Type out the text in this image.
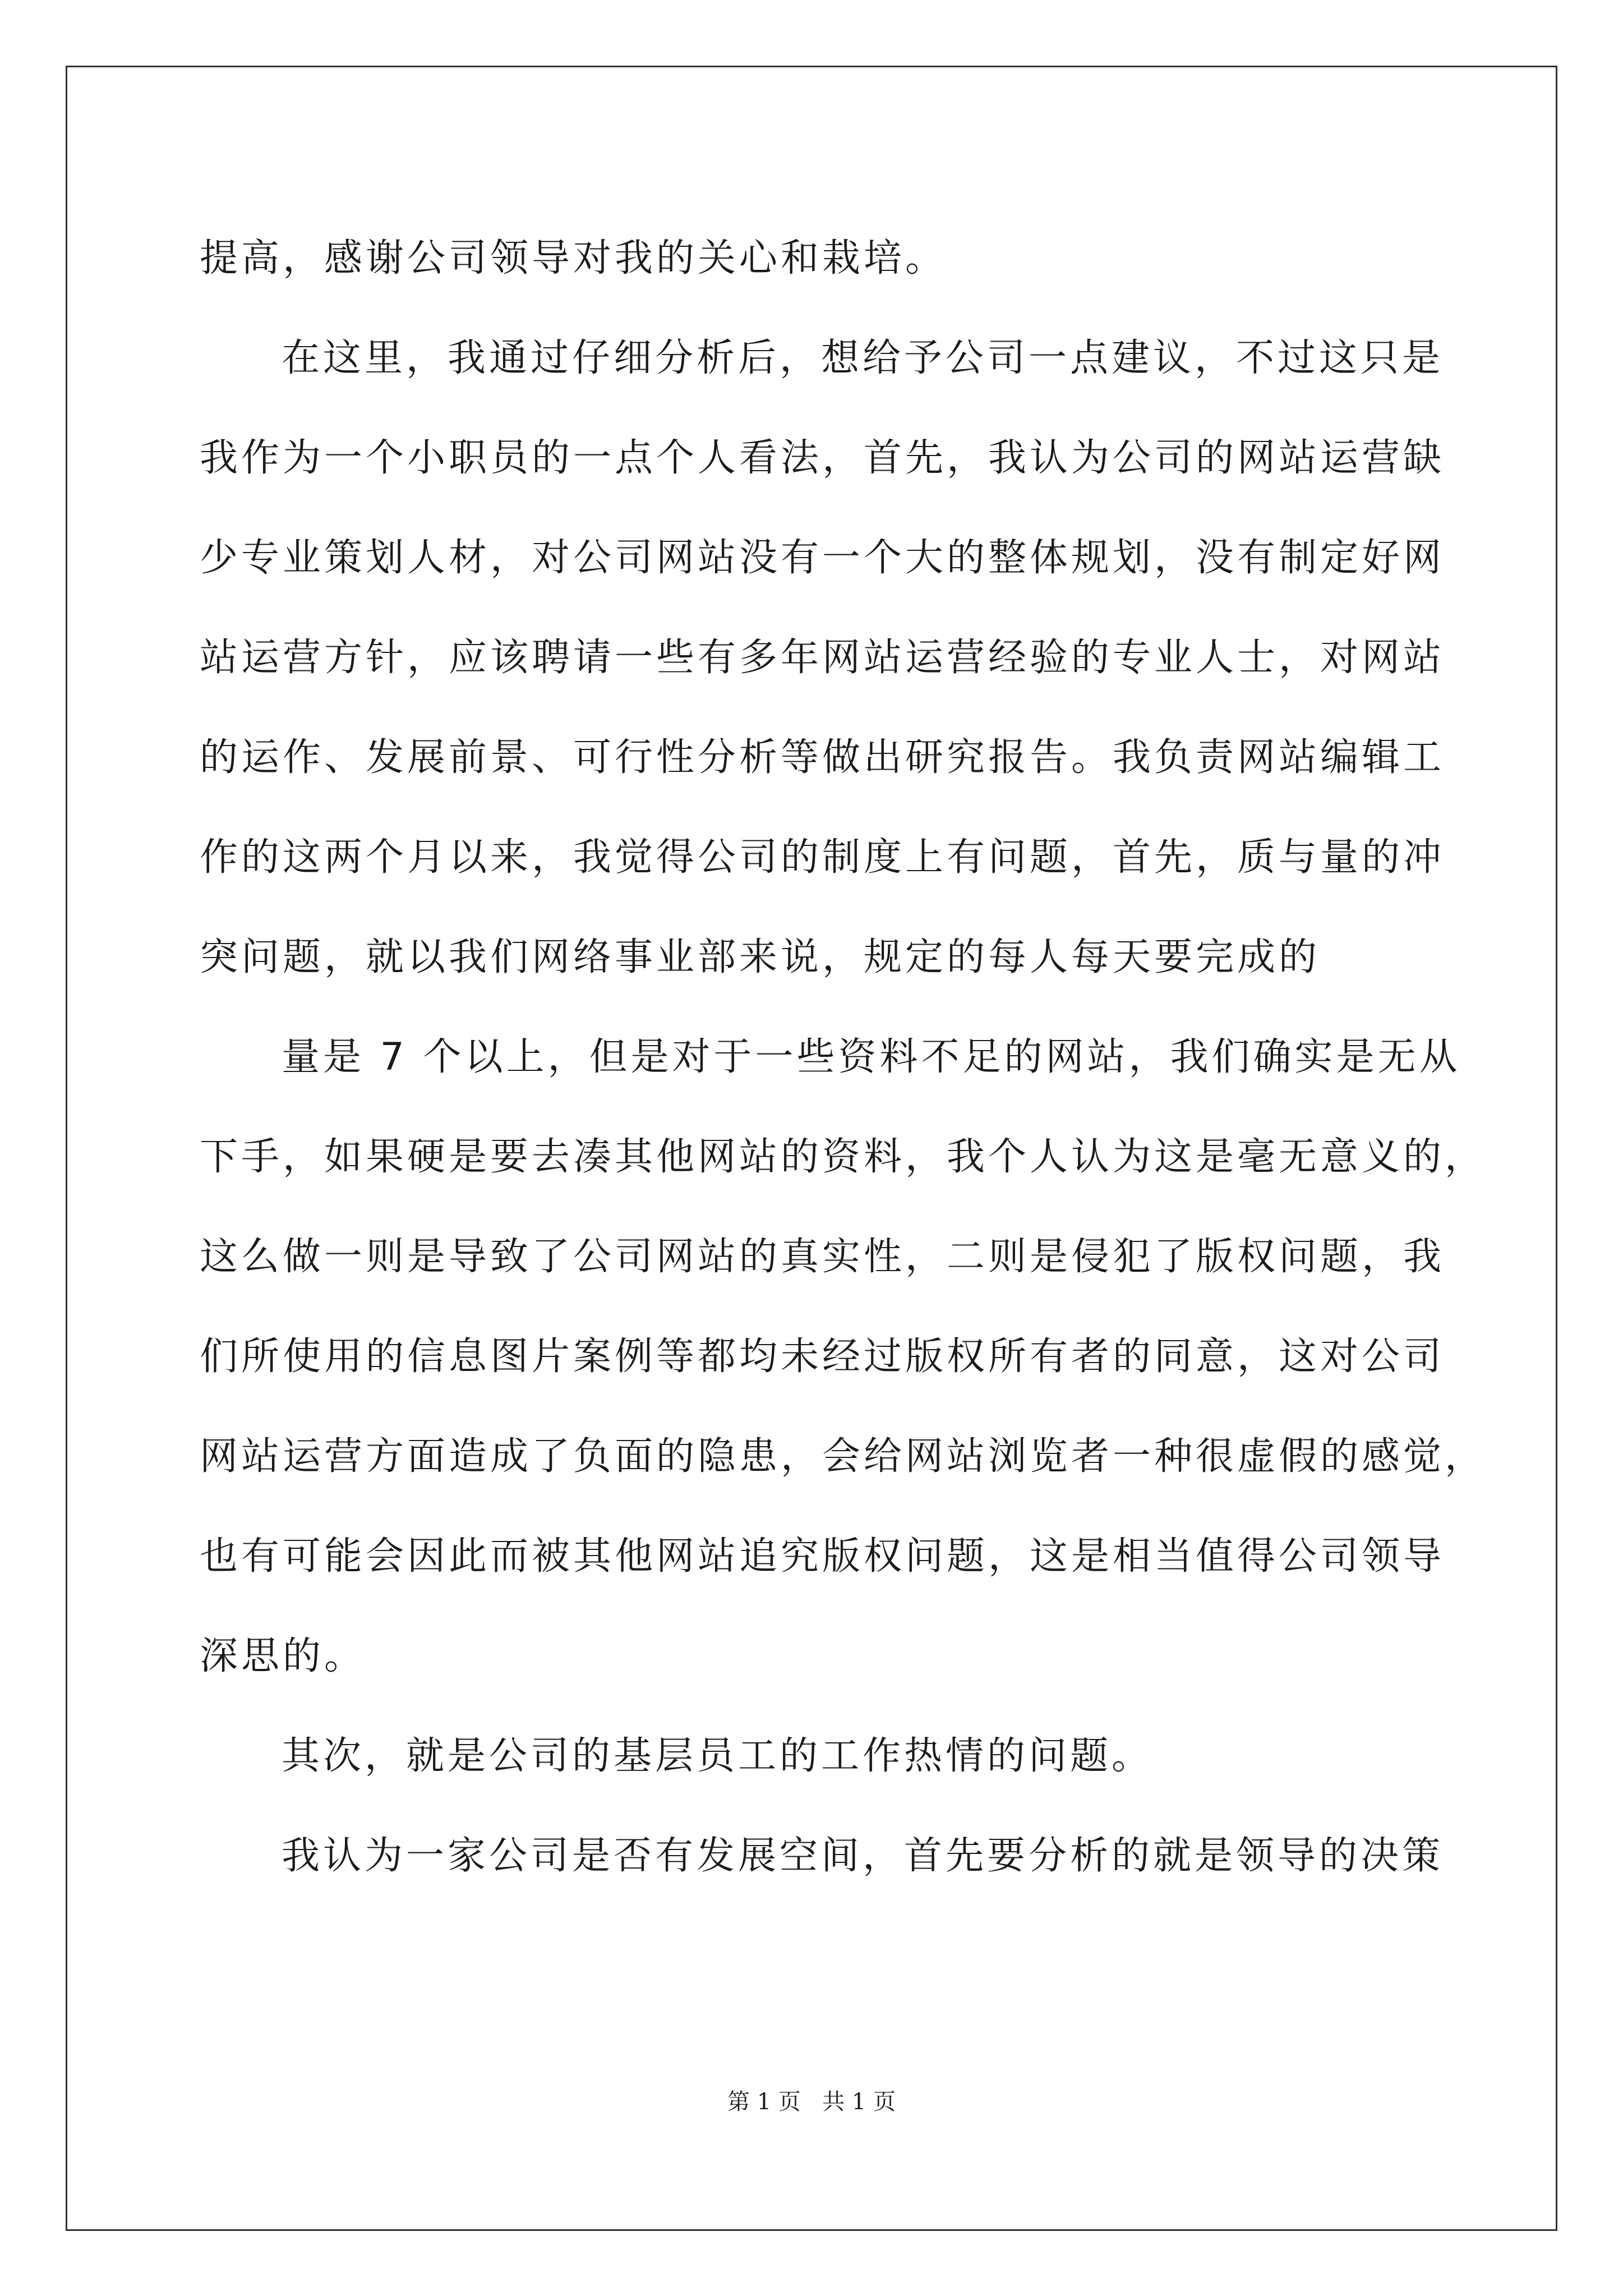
提高，感谢公司领导对我的关心和栽培。
在这里，我通过仔细分析后，想给予公司一点建议，不过这只是
我作为一个小职员的一点个人看法，首先，我认为公司的网站运营缺
少专业策划人材，对公司网站没有一个大的整体规划，没有制定好网
站运营方针，应该聘请一些有多年网站运营经验的专业人士，对网站
的运作、发展前景、可行性分析等做出研究报告。我负责网站编辑工
作的这两个月以来，我觉得公司的制度上有问题，首先，质与量的冲
突问题，就以我们网络事业部来说，规定的每人每天要完成的
量是 7 个以上，但是对于一些资料不足的网站，我们确实是无从
下手，如果硬是要去凑其他网站的资料，我个人认为这是毫无意义的，
这么做一则是导致了公司网站的真实性，二则是侵犯了版权问题，我
们所使用的信息图片案例等都均未经过版权所有者的同意，这对公司
网站运营方面造成了负面的隐患，会给网站浏览者一种很虚假的感觉，
也有可能会因此而被其他网站追究版权问题，这是相当值得公司领导
深思的。
其次，就是公司的基层员工的工作热情的问题。
我认为一家公司是否有发展空间，首先要分析的就是领导的决策
第 1 页   共 1 页
